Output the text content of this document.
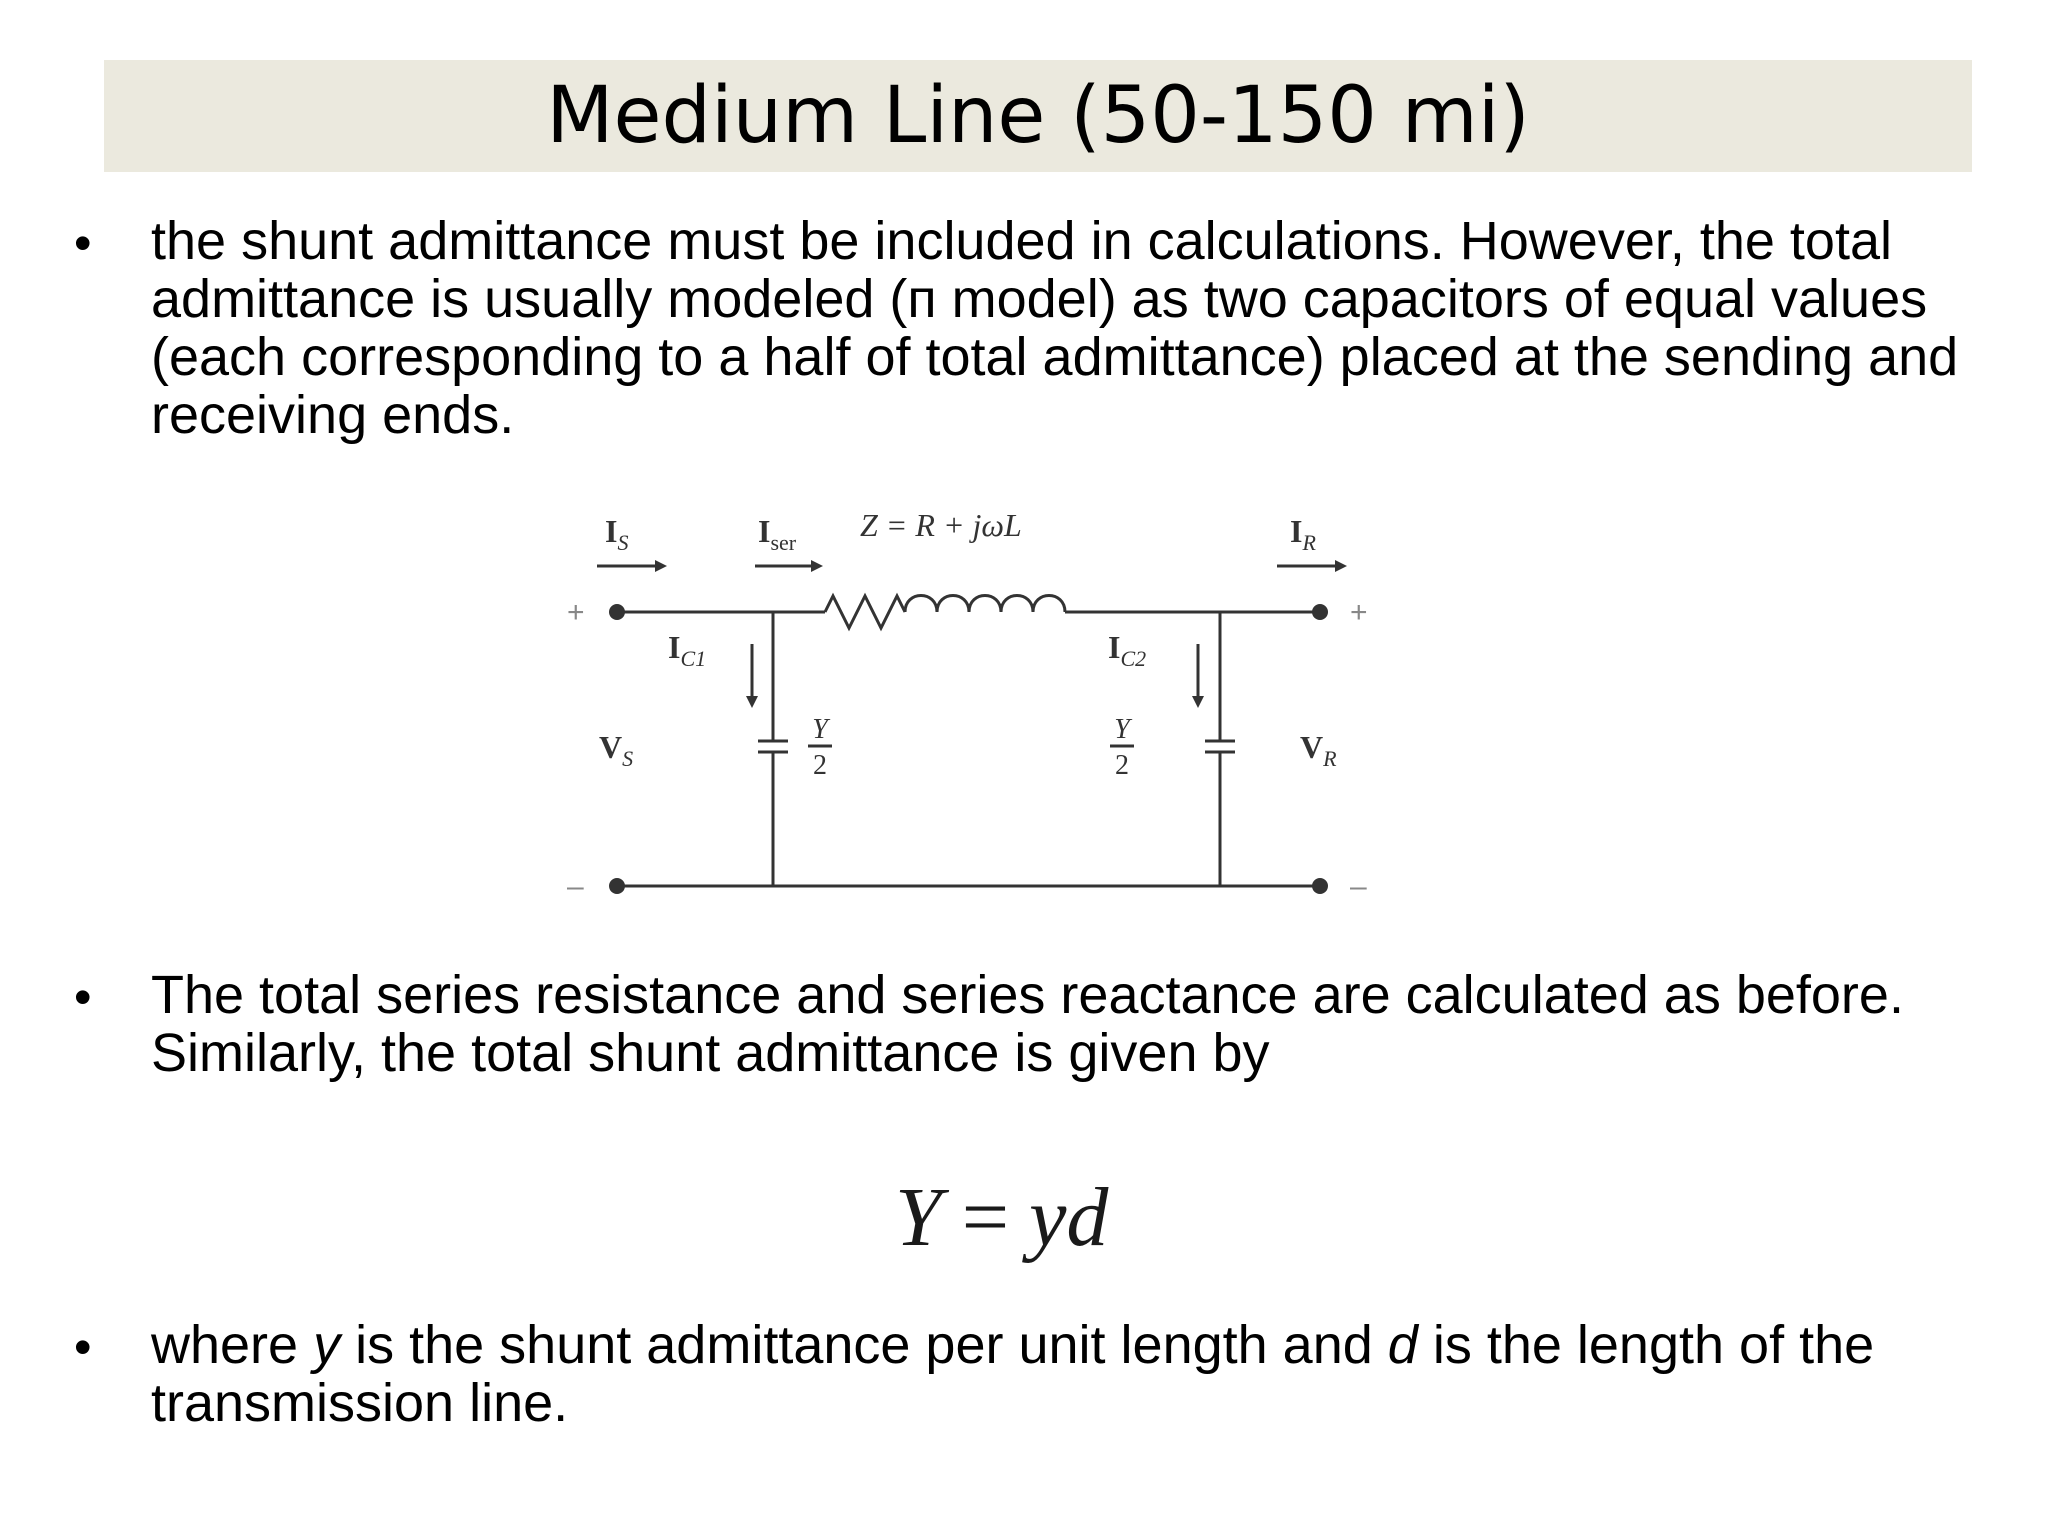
Medium Line (50-150 mi)
•	the shunt admittance must be included in calculations. However, the total admittance is usually modeled (п model) as two capacitors of equal values (each corresponding to a half of total admittance) placed at the sending and receiving ends.
$I_S$	$I_{ser}$ Z = R + jωL	$I_R$
$I_{C1}$	$I_{C2}$
$V_S$	$V_R$
Y
2
Y
2
+
–
+
–
•	The total series resistance and series reactance are calculated as before. Similarly, the total shunt admittance is given by
Y = yd
•	where y is the shunt admittance per unit length and d is the length of the transmission line.
